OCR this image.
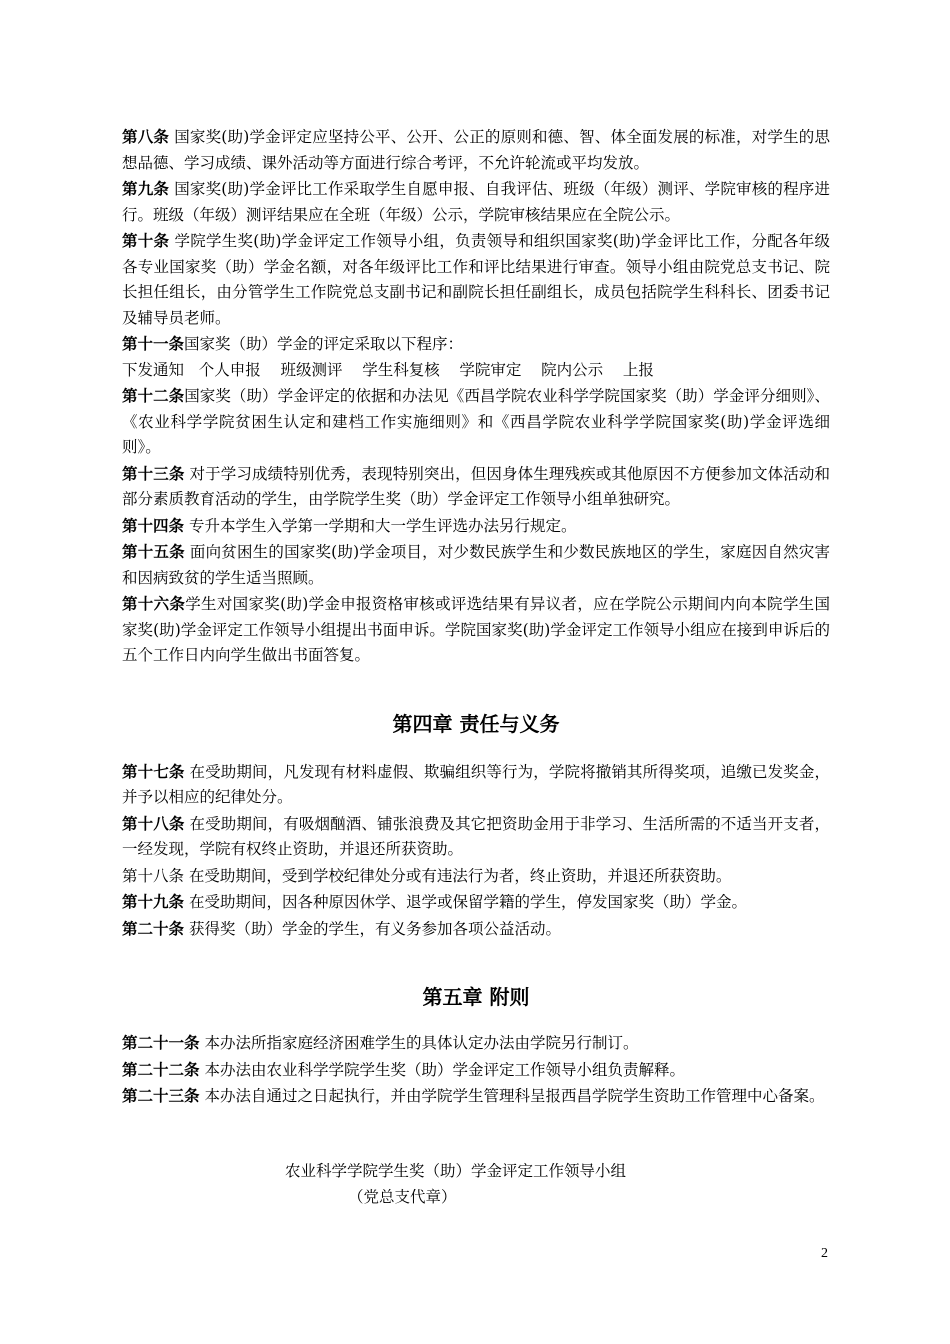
第八条 国家奖(助)学金评定应坚持公平、公开、公正的原则和德、智、体全面发展的标准，对学生的思想品德、学习成绩、课外活动等方面进行综合考评，不允许轮流或平均发放。

第九条 国家奖(助)学金评比工作采取学生自愿申报、自我评估、班级（年级）测评、学院审核的程序进行。班级（年级）测评结果应在全班（年级）公示，学院审核结果应在全院公示。

第十条 学院学生奖(助)学金评定工作领导小组，负责领导和组织国家奖(助)学金评比工作，分配各年级各专业国家奖（助）学金名额，对各年级评比工作和评比结果进行审查。领导小组由院党总支书记、院长担任组长，由分管学生工作院党总支副书记和副院长担任副组长，成员包括院学生科科长、团委书记及辅导员老师。

第十一条国家奖（助）学金的评定采取以下程序：

下发通知   个人申报    班级测评    学生科复核    学院审定    院内公示    上报

第十二条国家奖（助）学金评定的依据和办法见《西昌学院农业科学学院国家奖（助）学金评分细则》、《农业科学学院贫困生认定和建档工作实施细则》和《西昌学院农业科学学院国家奖(助)学金评选细则》。

第十三条 对于学习成绩特别优秀，表现特别突出，但因身体生理残疾或其他原因不方便参加文体活动和部分素质教育活动的学生，由学院学生奖（助）学金评定工作领导小组单独研究。

第十四条 专升本学生入学第一学期和大一学生评选办法另行规定。

第十五条 面向贫困生的国家奖(助)学金项目，对少数民族学生和少数民族地区的学生，家庭因自然灾害和因病致贫的学生适当照顾。

第十六条学生对国家奖(助)学金申报资格审核或评选结果有异议者，应在学院公示期间内向本院学生国家奖(助)学金评定工作领导小组提出书面申诉。学院国家奖(助)学金评定工作领导小组应在接到申诉后的五个工作日内向学生做出书面答复。

第四章 责任与义务

第十七条 在受助期间，凡发现有材料虚假、欺骗组织等行为，学院将撤销其所得奖项，追缴已发奖金，并予以相应的纪律处分。

第十八条 在受助期间，有吸烟酗酒、铺张浪费及其它把资助金用于非学习、生活所需的不适当开支者，一经发现，学院有权终止资助，并退还所获资助。

第十八条 在受助期间，受到学校纪律处分或有违法行为者，终止资助，并退还所获资助。

第十九条 在受助期间，因各种原因休学、退学或保留学籍的学生，停发国家奖（助）学金。

第二十条 获得奖（助）学金的学生，有义务参加各项公益活动。

第五章 附则

第二十一条 本办法所指家庭经济困难学生的具体认定办法由学院另行制订。

第二十二条 本办法由农业科学学院学生奖（助）学金评定工作领导小组负责解释。

第二十三条 本办法自通过之日起执行，并由学院学生管理科呈报西昌学院学生资助工作管理中心备案。

农业科学学院学生奖（助）学金评定工作领导小组
（党总支代章）
2
